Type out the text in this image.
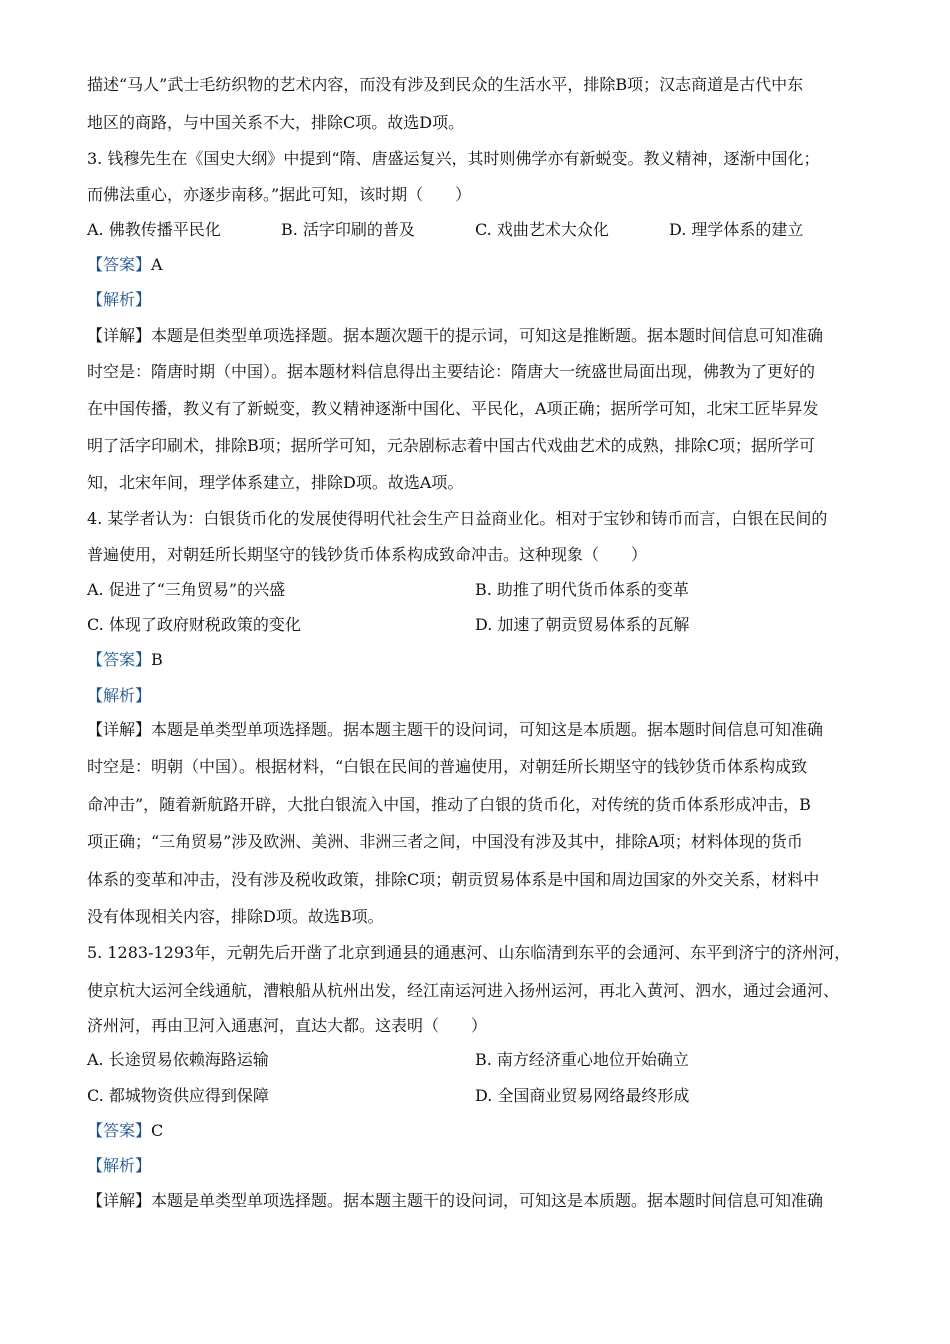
描述“马人”武士毛纺织物的艺术内容，而没有涉及到民众的生活水平，排除B项；汉志商道是古代中东
地区的商路，与中国关系不大，排除C项。故选D项。
3. 钱穆先生在《国史大纲》中提到“隋、唐盛运复兴，其时则佛学亦有新蜕变。教义精神，逐渐中国化；
而佛法重心，亦逐步南移。”据此可知，该时期（　　）
A. 佛教传播平民化	B. 活字印刷的普及	C. 戏曲艺术大众化	D. 理学体系的建立
【答案】A
【解析】
【详解】本题是但类型单项选择题。据本题次题干的提示词，可知这是推断题。据本题时间信息可知准确
时空是：隋唐时期（中国）。据本题材料信息得出主要结论：隋唐大一统盛世局面出现，佛教为了更好的
在中国传播，教义有了新蜕变，教义精神逐渐中国化、平民化，A项正确；据所学可知，北宋工匠毕昇发
明了活字印刷术，排除B项；据所学可知，元杂剧标志着中国古代戏曲艺术的成熟，排除C项；据所学可
知，北宋年间，理学体系建立，排除D项。故选A项。
4. 某学者认为：白银货币化的发展使得明代社会生产日益商业化。相对于宝钞和铸币而言，白银在民间的
普遍使用，对朝廷所长期坚守的钱钞货币体系构成致命冲击。这种现象（　　）
A. 促进了“三角贸易”的兴盛	B. 助推了明代货币体系的变革
C. 体现了政府财税政策的变化	D. 加速了朝贡贸易体系的瓦解
【答案】B
【解析】
【详解】本题是单类型单项选择题。据本题主题干的设问词，可知这是本质题。据本题时间信息可知准确
时空是：明朝（中国）。根据材料，“白银在民间的普遍使用，对朝廷所长期坚守的钱钞货币体系构成致
命冲击”，随着新航路开辟，大批白银流入中国，推动了白银的货币化，对传统的货币体系形成冲击，B
项正确；“三角贸易”涉及欧洲、美洲、非洲三者之间，中国没有涉及其中，排除A项；材料体现的货币
体系的变革和冲击，没有涉及税收政策，排除C项；朝贡贸易体系是中国和周边国家的外交关系，材料中
没有体现相关内容，排除D项。故选B项。
5. 1283-1293年，元朝先后开凿了北京到通县的通惠河、山东临清到东平的会通河、东平到济宁的济州河，
使京杭大运河全线通航，漕粮船从杭州出发，经江南运河进入扬州运河，再北入黄河、泗水，通过会通河、
济州河，再由卫河入通惠河，直达大都。这表明（　　）
A. 长途贸易依赖海路运输	B. 南方经济重心地位开始确立
C. 都城物资供应得到保障	D. 全国商业贸易网络最终形成
【答案】C
【解析】
【详解】本题是单类型单项选择题。据本题主题干的设问词，可知这是本质题。据本题时间信息可知准确
